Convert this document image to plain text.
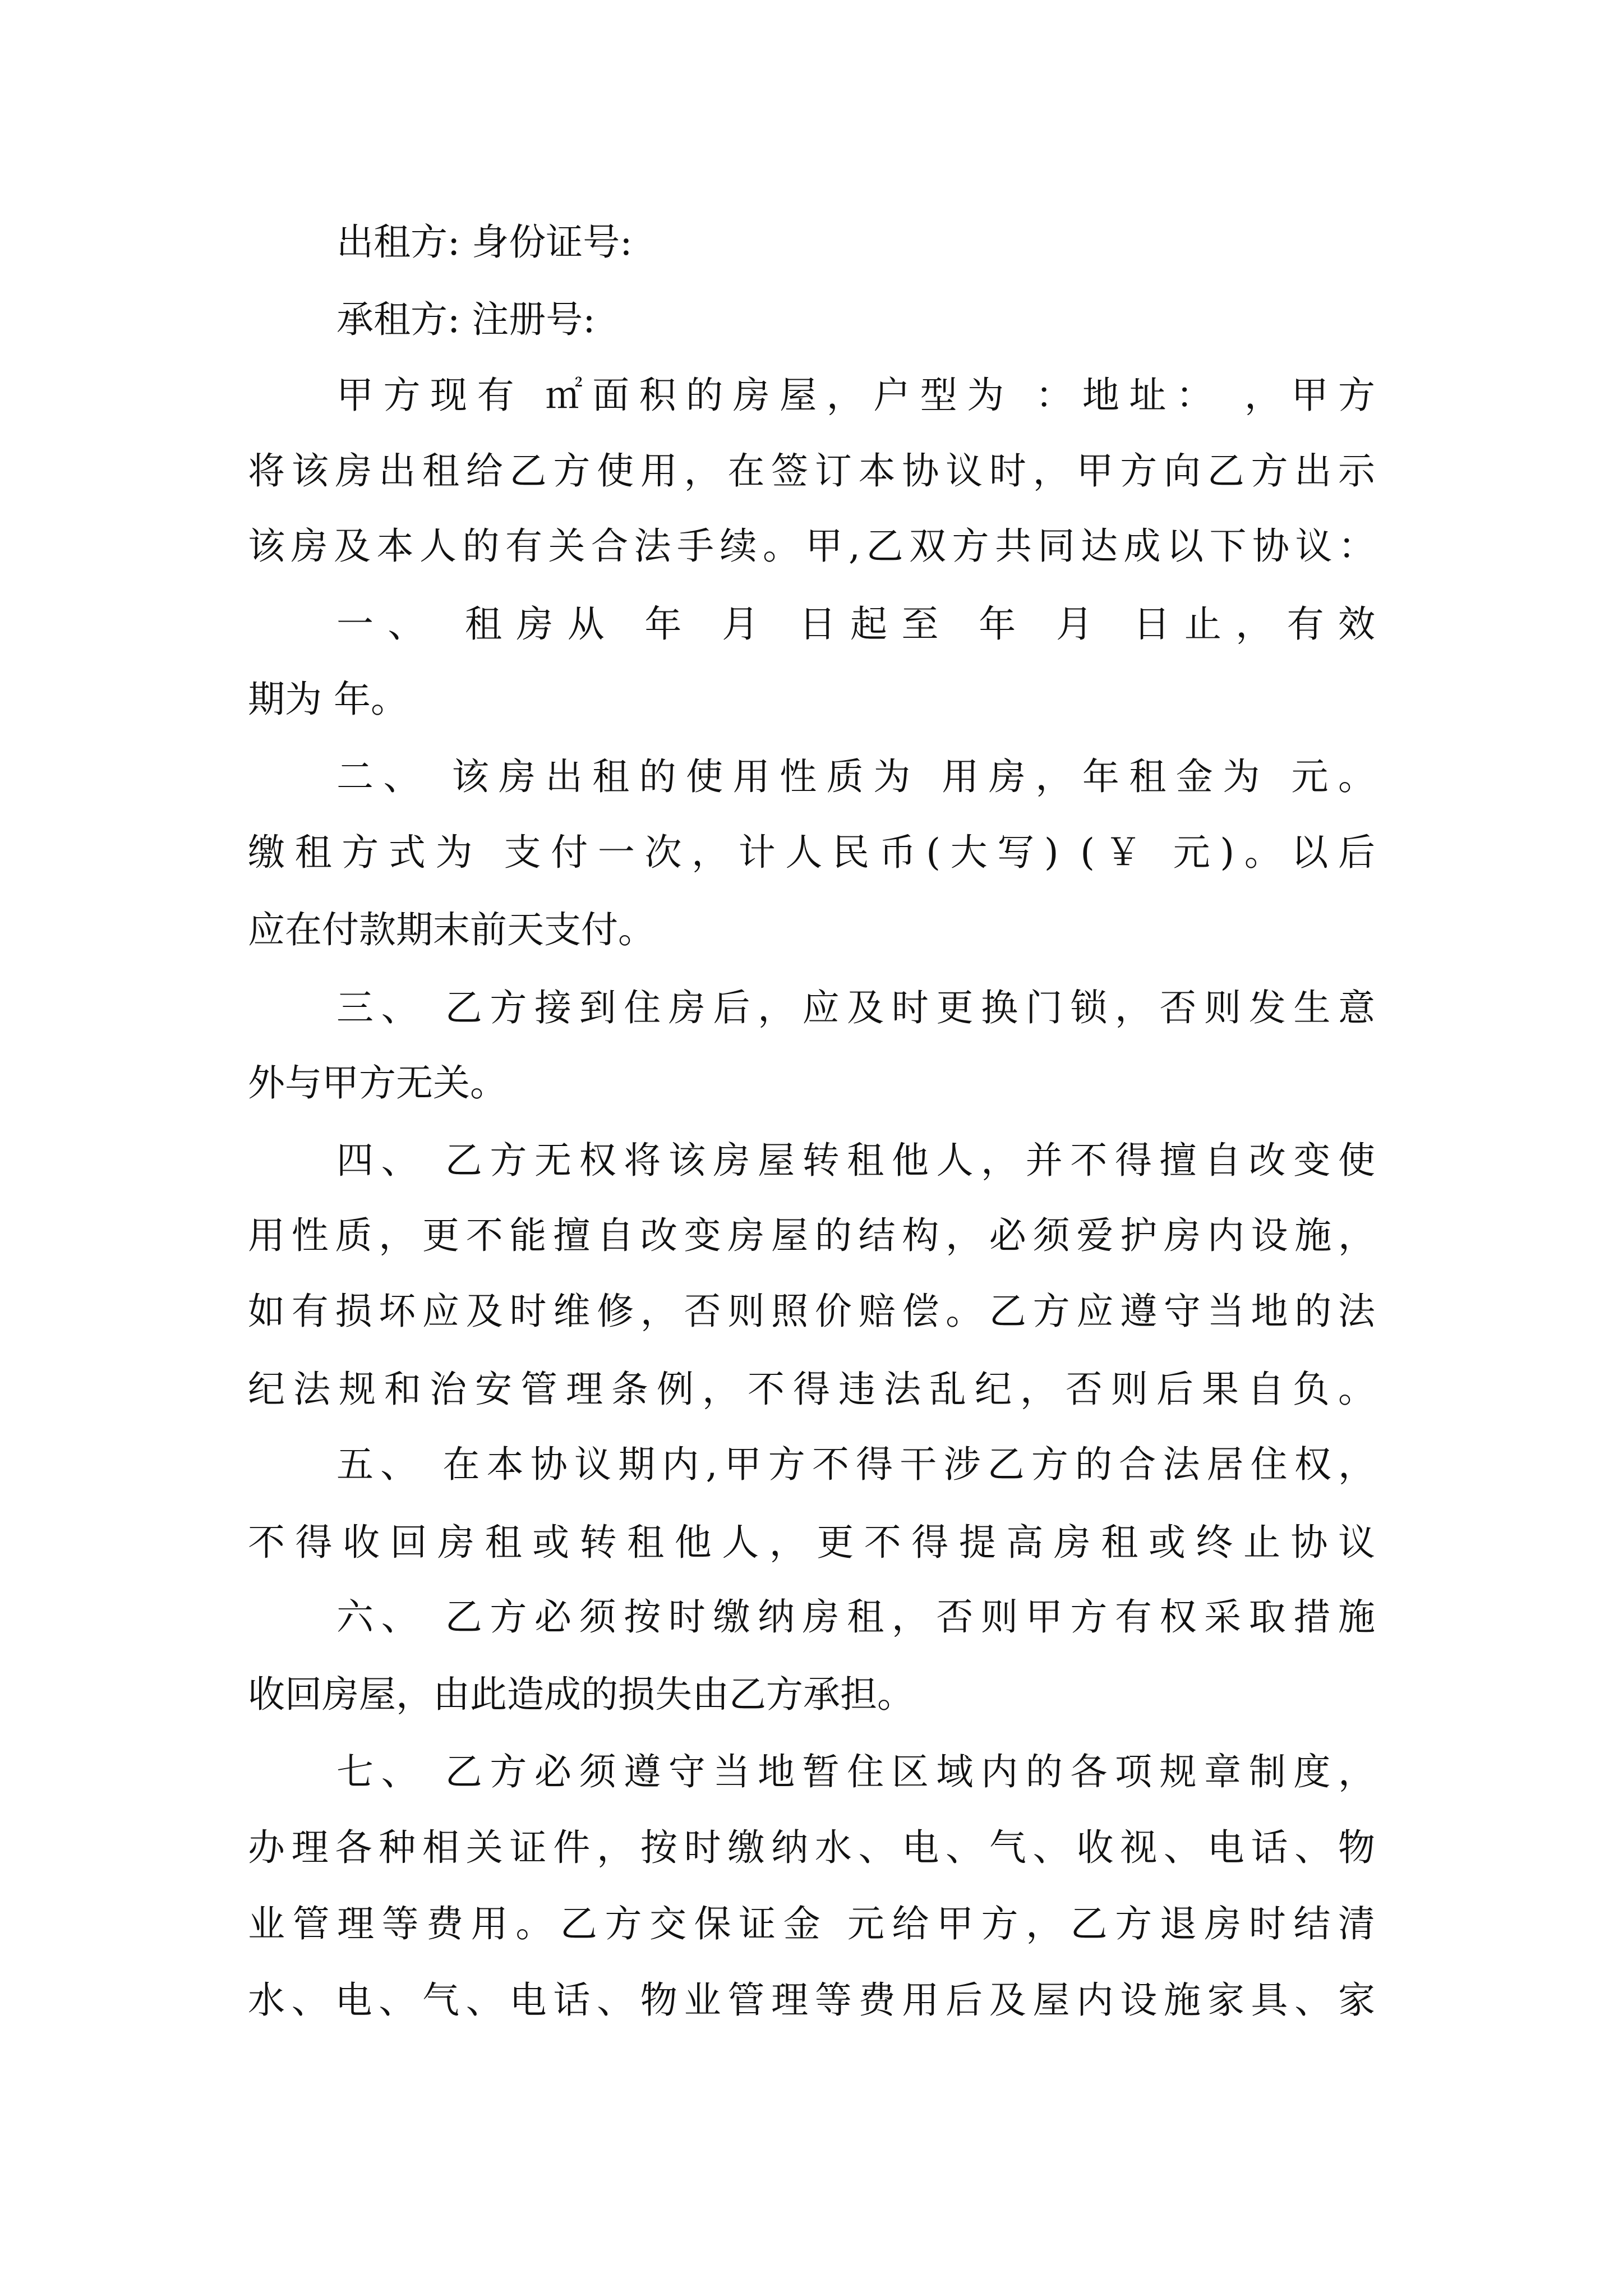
出租方: 身份证号:
承租方: 注册号:
甲方现有 ㎡面积的房屋，户型为 ：地址： ，甲方
将该房出租给乙方使用，在签订本协议时，甲方向乙方出示
该房及本人的有关合法手续。甲,乙双方共同达成以下协议：
一、 租房从 年 月 日起至 年 月 日止，有效
期为 年。
二、 该房出租的使用性质为 用房，年租金为 元。
缴租方式为 支付一次，计人民币(大写) (￥ 元)。以后
应在付款期末前天支付。
三、 乙方接到住房后，应及时更换门锁，否则发生意
外与甲方无关。
四、 乙方无权将该房屋转租他人，并不得擅自改变使
用性质，更不能擅自改变房屋的结构，必须爱护房内设施，
如有损坏应及时维修，否则照价赔偿。乙方应遵守当地的法
纪法规和治安管理条例，不得违法乱纪，否则后果自负。
五、 在本协议期内,甲方不得干涉乙方的合法居住权，
不得收回房租或转租他人，更不得提高房租或终止协议
六、 乙方必须按时缴纳房租，否则甲方有权采取措施
收回房屋，由此造成的损失由乙方承担。
七、 乙方必须遵守当地暂住区域内的各项规章制度，
办理各种相关证件，按时缴纳水、电、气、收视、电话、物
业管理等费用。乙方交保证金 元给甲方，乙方退房时结清
水、电、气、电话、物业管理等费用后及屋内设施家具、家
